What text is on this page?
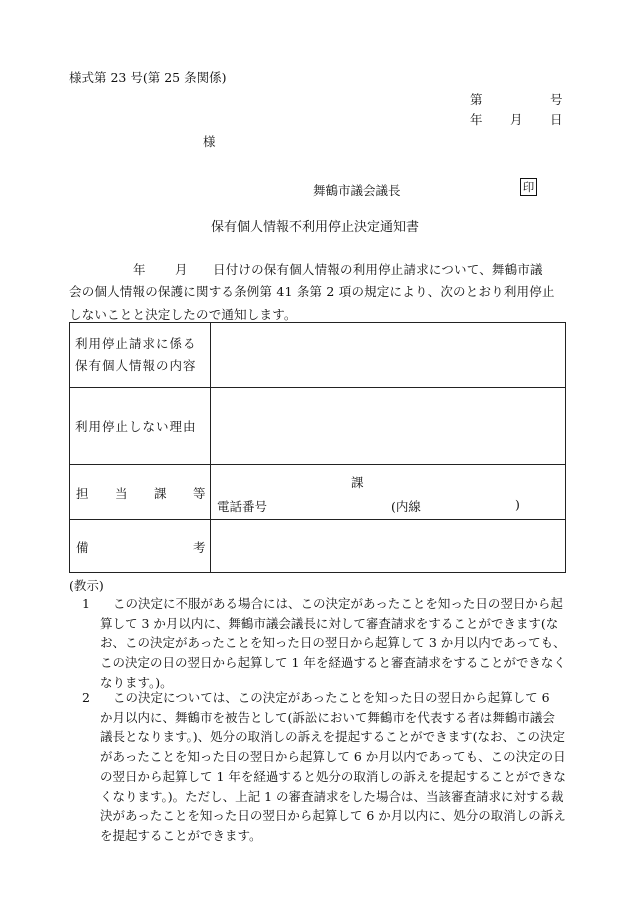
様式第 23 号(第 25 条関係)
第	号
年 月 日
様
舞鶴市議会議長	印
保有個人情報不利用停止決定通知書
年 月 日付けの保有個人情報の利用停止請求について、舞鶴市議
会の個人情報の保護に関する条例第 41 条第 2 項の規定により、次のとおり利用停止
しないことと決定したので通知します。
利用停止請求に係る
保有個人情報の内容	

利用停止しない理由	

担 当 課 等	課
電話番号 (内線 )

備 考	

(教示)
1	この決定に不服がある場合には、この決定があったことを知った日の翌日から起算して 3 か月以内に、舞鶴市議会議長に対して審査請求をすることができます(なお、この決定があったことを知った日の翌日から起算して 3 か月以内であっても、この決定の日の翌日から起算して 1 年を経過すると審査請求をすることができなくなります。)。
2	この決定については、この決定があったことを知った日の翌日から起算して 6 か月以内に、舞鶴市を被告として(訴訟において舞鶴市を代表する者は舞鶴市議会議長となります。)、処分の取消しの訴えを提起することができます(なお、この決定があったことを知った日の翌日から起算して 6 か月以内であっても、この決定の日の翌日から起算して 1 年を経過すると処分の取消しの訴えを提起することができなくなります。)。ただし、上記 1 の審査請求をした場合は、当該審査請求に対する裁決があったことを知った日の翌日から起算して 6 か月以内に、処分の取消しの訴えを提起することができます。
